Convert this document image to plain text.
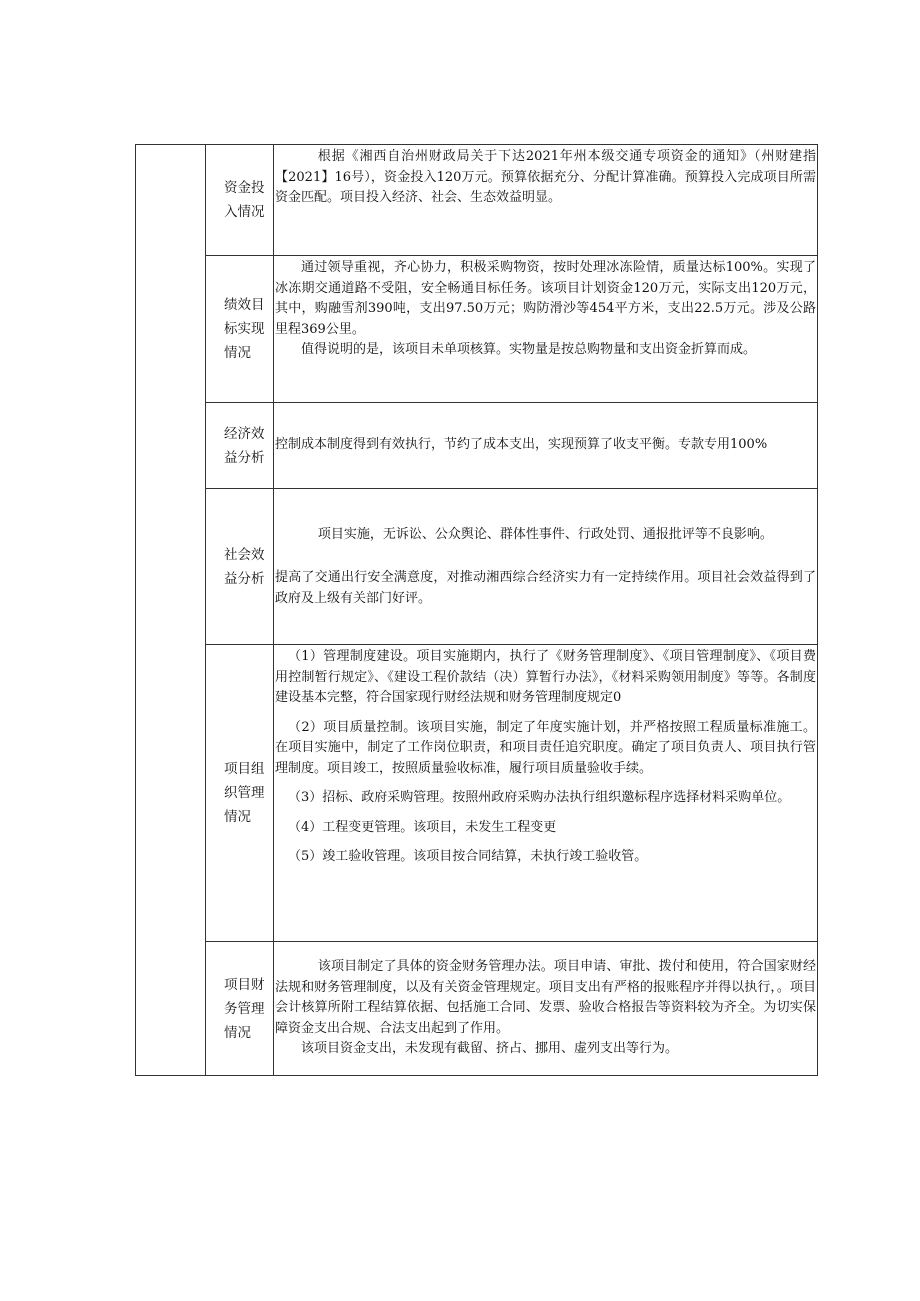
	资金投入情况	根据《湘西自治州财政局关于下达2021年州本级交通专项资金的通知》（州财建指【2021】16号），资金投入120万元。预算依据充分、分配计算准确。预算投入完成项目所需资金匹配。项目投入经济、社会、生态效益明显。

	绩效目标实现情况	通过领导重视，齐心协力，积极采购物资，按时处理冰冻险情，质量达标100%。实现了冰冻期交通道路不受阻，安全畅通目标任务。该项目计划资金120万元，实际支出120万元，其中，购融雪剂390吨，支出97.50万元；购防滑沙等454平方米，支出22.5万元。涉及公路里程369公里。

值得说明的是，该项目未单项核算。实物量是按总购物量和支出资金折算而成。

	经济效益分析	控制成本制度得到有效执行，节约了成本支出，实现预算了收支平衡。专款专用100%

	社会效益分析	项目实施，无诉讼、公众舆论、群体性事件、行政处罚、通报批评等不良影响。

提高了交通出行安全满意度，对推动湘西综合经济实力有一定持续作用。项目社会效益得到了政府及上级有关部门好评。

	项目组织管理情况	（1）管理制度建设。项目实施期内，执行了《财务管理制度》、《项目管理制度》、《项目费用控制暂行规定》、《建设工程价款结（决）算暂行办法》，《材料采购领用制度》等等。各制度建设基本完整，符合国家现行财经法规和财务管理制度规定0

（2）项目质量控制。该项目实施，制定了年度实施计划，并严格按照工程质量标准施工。在项目实施中，制定了工作岗位职责，和项目责任追究职度。确定了项目负责人、项目执行管理制度。项目竣工，按照质量验收标准，履行项目质量验收手续。

（3）招标、政府采购管理。按照州政府采购办法执行组织邀标程序选择材料采购单位。

（4）工程变更管理。该项目，未发生工程变更

（5）竣工验收管理。该项目按合同结算，未执行竣工验收管。

	项目财务管理情况	该项目制定了具体的资金财务管理办法。项目申请、审批、拨付和使用，符合国家财经法规和财务管理制度，以及有关资金管理规定。项目支出有严格的报账程序并得以执行，。项目会计核算所附工程结算依据、包括施工合同、发票、验收合格报告等资料较为齐全。为切实保障资金支出合规、合法支出起到了作用。

该项目资金支出，未发现有截留、挤占、挪用、虚列支出等行为。
